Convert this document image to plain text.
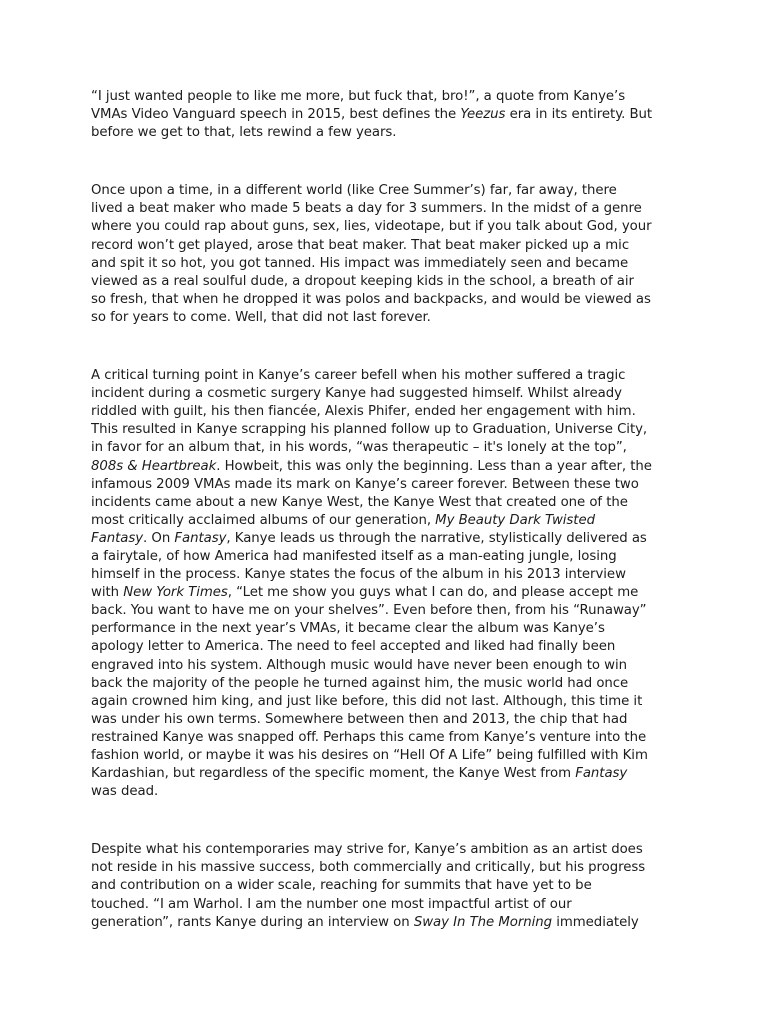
“I just wanted people to like me more, but fuck that, bro!”, a quote from Kanye’s
VMAs Video Vanguard speech in 2015, best defines the Yeezus era in its entirety. But
before we get to that, lets rewind a few years.

Once upon a time, in a different world (like Cree Summer’s) far, far away, there
lived a beat maker who made 5 beats a day for 3 summers. In the midst of a genre
where you could rap about guns, sex, lies, videotape, but if you talk about God, your
record won’t get played, arose that beat maker. That beat maker picked up a mic
and spit it so hot, you got tanned. His impact was immediately seen and became
viewed as a real soulful dude, a dropout keeping kids in the school, a breath of air
so fresh, that when he dropped it was polos and backpacks, and would be viewed as
so for years to come. Well, that did not last forever.

A critical turning point in Kanye’s career befell when his mother suffered a tragic
incident during a cosmetic surgery Kanye had suggested himself. Whilst already
riddled with guilt, his then fiancée, Alexis Phifer, ended her engagement with him.
This resulted in Kanye scrapping his planned follow up to Graduation, Universe City,
in favor for an album that, in his words, “was therapeutic – it's lonely at the top”,
808s & Heartbreak. Howbeit, this was only the beginning. Less than a year after, the
infamous 2009 VMAs made its mark on Kanye’s career forever. Between these two
incidents came about a new Kanye West, the Kanye West that created one of the
most critically acclaimed albums of our generation, My Beauty Dark Twisted
Fantasy. On Fantasy, Kanye leads us through the narrative, stylistically delivered as
a fairytale, of how America had manifested itself as a man-eating jungle, losing
himself in the process. Kanye states the focus of the album in his 2013 interview
with New York Times, “Let me show you guys what I can do, and please accept me
back. You want to have me on your shelves”. Even before then, from his “Runaway”
performance in the next year’s VMAs, it became clear the album was Kanye’s
apology letter to America. The need to feel accepted and liked had finally been
engraved into his system. Although music would have never been enough to win
back the majority of the people he turned against him, the music world had once
again crowned him king, and just like before, this did not last. Although, this time it
was under his own terms. Somewhere between then and 2013, the chip that had
restrained Kanye was snapped off. Perhaps this came from Kanye’s venture into the
fashion world, or maybe it was his desires on “Hell Of A Life” being fulfilled with Kim
Kardashian, but regardless of the specific moment, the Kanye West from Fantasy
was dead.

Despite what his contemporaries may strive for, Kanye’s ambition as an artist does
not reside in his massive success, both commercially and critically, but his progress
and contribution on a wider scale, reaching for summits that have yet to be
touched. “I am Warhol. I am the number one most impactful artist of our
generation”, rants Kanye during an interview on Sway In The Morning immediately
